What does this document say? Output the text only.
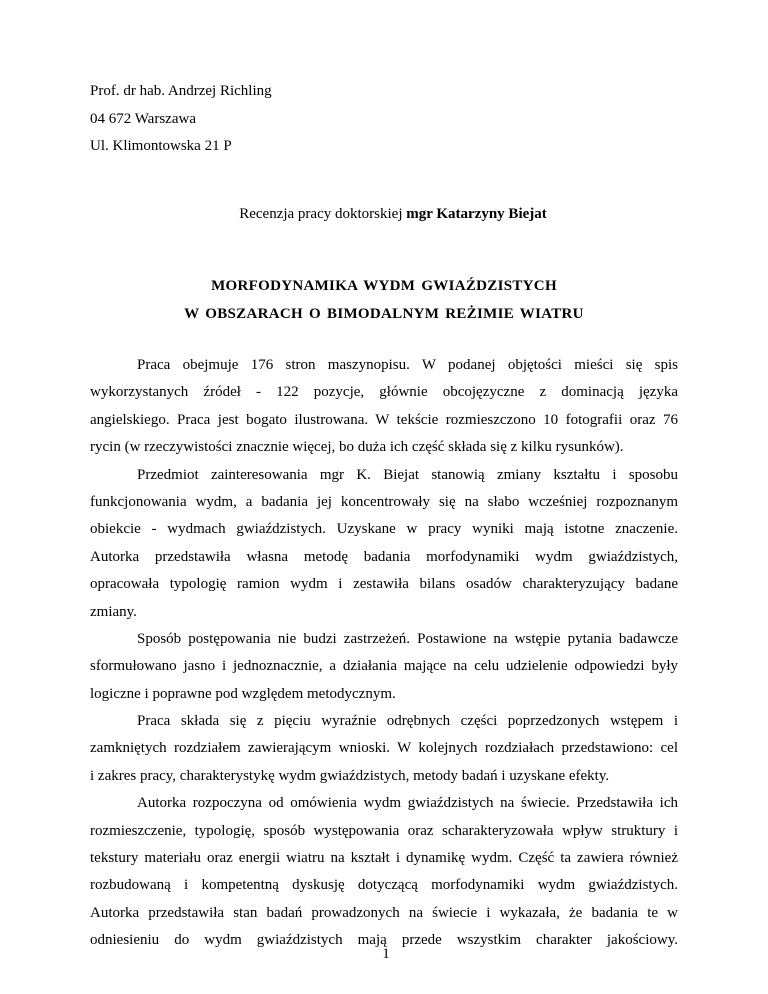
Prof. dr hab. Andrzej Richling
04 672 Warszawa
Ul. Klimontowska 21 P
Recenzja pracy doktorskiej mgr Katarzyny Biejat
MORFODYNAMIKA WYDM GWIAŹDZISTYCH
W OBSZARACH O BIMODALNYM REŻIMIE WIATRU
Praca obejmuje 176 stron maszynopisu. W podanej objętości mieści się spis
wykorzystanych źródeł - 122 pozycje, głównie obcojęzyczne z dominacją języka
angielskiego. Praca jest bogato ilustrowana. W tekście rozmieszczono 10 fotografii oraz 76
rycin (w rzeczywistości znacznie więcej, bo duża ich część składa się z kilku rysunków).
Przedmiot zainteresowania mgr K. Biejat stanowią zmiany kształtu i sposobu
funkcjonowania wydm, a badania jej koncentrowały się na słabo wcześniej rozpoznanym
obiekcie - wydmach gwiaździstych. Uzyskane w pracy wyniki mają istotne znaczenie.
Autorka przedstawiła własna metodę badania morfodynamiki wydm gwiaździstych,
opracowała typologię ramion wydm i zestawiła bilans osadów charakteryzujący badane
zmiany.
Sposób postępowania nie budzi zastrzeżeń. Postawione na wstępie pytania badawcze
sformułowano jasno i jednoznacznie, a działania mające na celu udzielenie odpowiedzi były
logiczne i poprawne pod względem metodycznym.
Praca składa się z pięciu wyraźnie odrębnych części poprzedzonych wstępem i
zamkniętych rozdziałem zawierającym wnioski. W kolejnych rozdziałach przedstawiono: cel
i zakres pracy, charakterystykę wydm gwiaździstych, metody badań i uzyskane efekty.
Autorka rozpoczyna od omówienia wydm gwiaździstych na świecie. Przedstawiła ich
rozmieszczenie, typologię, sposób występowania oraz scharakteryzowała wpływ struktury i
tekstury materiału oraz energii wiatru na kształt i dynamikę wydm. Część ta zawiera również
rozbudowaną i kompetentną dyskusję dotyczącą morfodynamiki wydm gwiaździstych.
Autorka przedstawiła stan badań prowadzonych na świecie i wykazała, że badania te w
odniesieniu do wydm gwiaździstych mają przede wszystkim charakter jakościowy.
1
